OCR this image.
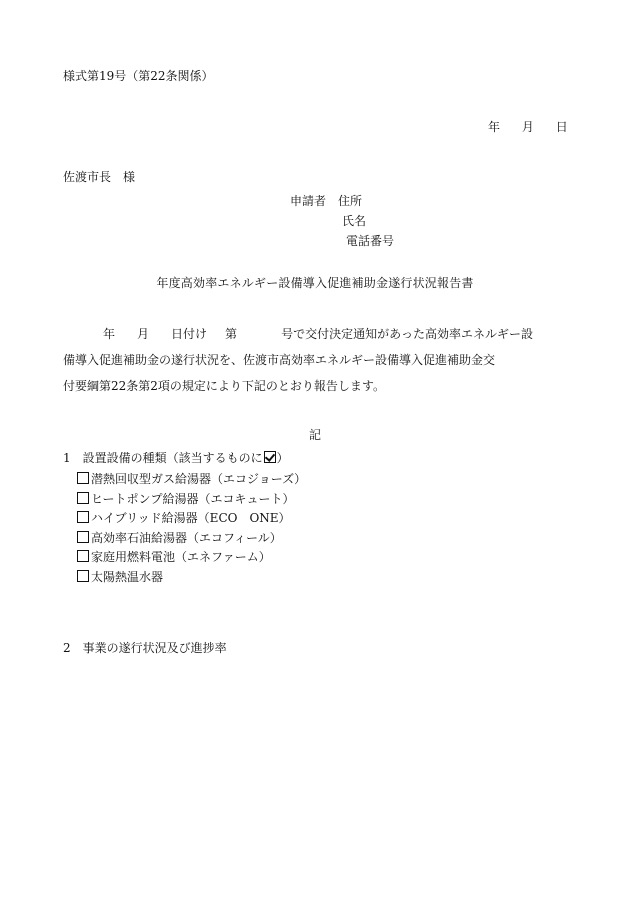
様式第19号（第22条関係）
年 月 日
佐渡市長　様
申請者　住所
氏名
電話番号
年度高効率エネルギー設備導入促進補助金遂行状況報告書
年 月 日付け 第	号で交付決定通知があった高効率エネルギー設
備導入促進補助金の遂行状況を、佐渡市高効率エネルギー設備導入促進補助金交
付要綱第22条第2項の規定により下記のとおり報告します。
記
1　設置設備の種類（該当するものに ）
潜熱回収型ガス給湯器（エコジョーズ）
ヒートポンプ給湯器（エコキュート）
ハイブリッド給湯器（ECO　ONE）
高効率石油給湯器（エコフィール）
家庭用燃料電池（エネファーム）
太陽熱温水器
2　事業の遂行状況及び進捗率
